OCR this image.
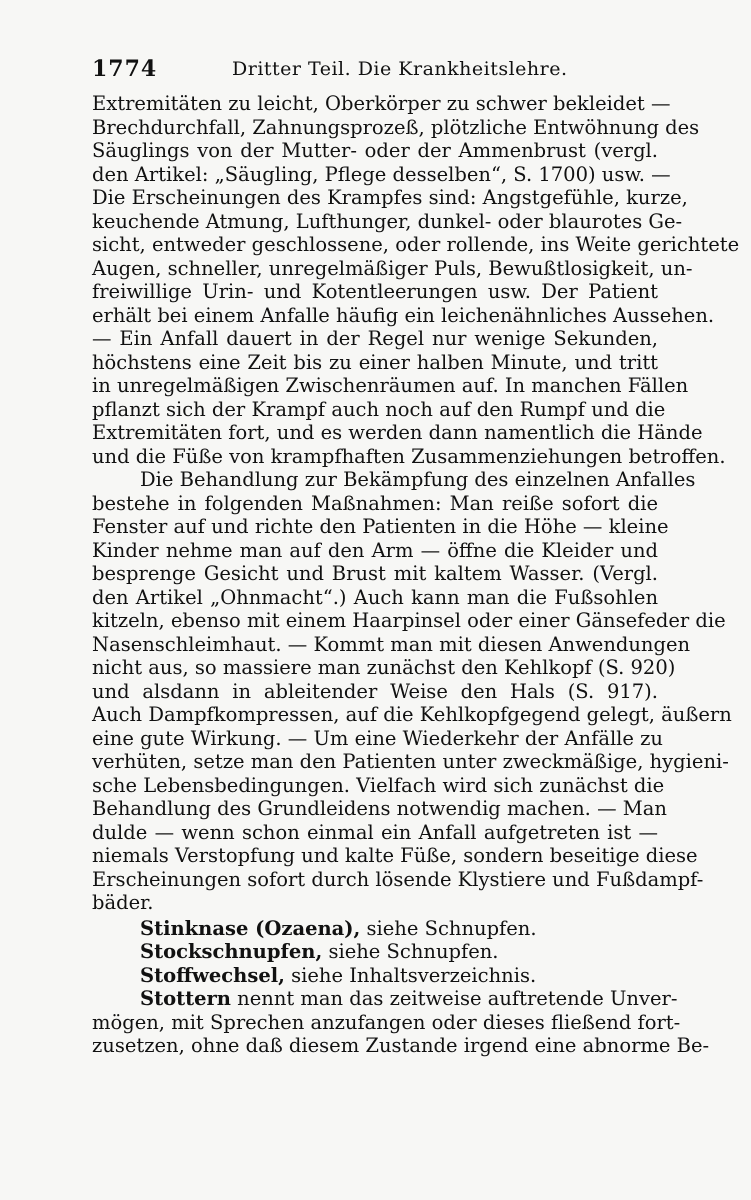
1774	Dritter Teil. Die Krankheitslehre.
Extremitäten zu leicht, Oberkörper zu schwer bekleidet —
Brechdurchfall, Zahnungsprozeß, plötzliche Entwöhnung des
Säuglings von der Mutter- oder der Ammenbrust (vergl.
den Artikel: „Säugling, Pflege desselben“, S. 1700) usw. —
Die Erscheinungen des Krampfes sind: Angstgefühle, kurze,
keuchende Atmung, Lufthunger, dunkel- oder blaurotes Ge-
sicht, entweder geschlossene, oder rollende, ins Weite gerichtete
Augen, schneller, unregelmäßiger Puls, Bewußtlosigkeit, un-
freiwillige Urin- und Kotentleerungen usw. Der Patient
erhält bei einem Anfalle häufig ein leichenähnliches Aussehen.
— Ein Anfall dauert in der Regel nur wenige Sekunden,
höchstens eine Zeit bis zu einer halben Minute, und tritt
in unregelmäßigen Zwischenräumen auf. In manchen Fällen
pflanzt sich der Krampf auch noch auf den Rumpf und die
Extremitäten fort, und es werden dann namentlich die Hände
und die Füße von krampfhaften Zusammenziehungen betroffen.
Die Behandlung zur Bekämpfung des einzelnen Anfalles
bestehe in folgenden Maßnahmen: Man reiße sofort die
Fenster auf und richte den Patienten in die Höhe — kleine
Kinder nehme man auf den Arm — öffne die Kleider und
besprenge Gesicht und Brust mit kaltem Wasser. (Vergl.
den Artikel „Ohnmacht“.) Auch kann man die Fußsohlen
kitzeln, ebenso mit einem Haarpinsel oder einer Gänsefeder die
Nasenschleimhaut. — Kommt man mit diesen Anwendungen
nicht aus, so massiere man zunächst den Kehlkopf (S. 920)
und alsdann in ableitender Weise den Hals (S. 917).
Auch Dampfkompressen, auf die Kehlkopfgegend gelegt, äußern
eine gute Wirkung. — Um eine Wiederkehr der Anfälle zu
verhüten, setze man den Patienten unter zweckmäßige, hygieni-
sche Lebensbedingungen. Vielfach wird sich zunächst die
Behandlung des Grundleidens notwendig machen. — Man
dulde — wenn schon einmal ein Anfall aufgetreten ist —
niemals Verstopfung und kalte Füße, sondern beseitige diese
Erscheinungen sofort durch lösende Klystiere und Fußdampf-
bäder.
Stinknase (Ozaena), siehe Schnupfen.
Stockschnupfen, siehe Schnupfen.
Stoffwechsel, siehe Inhaltsverzeichnis.
Stottern nennt man das zeitweise auftretende Unver-
mögen, mit Sprechen anzufangen oder dieses fließend fort-
zusetzen, ohne daß diesem Zustande irgend eine abnorme Be-
